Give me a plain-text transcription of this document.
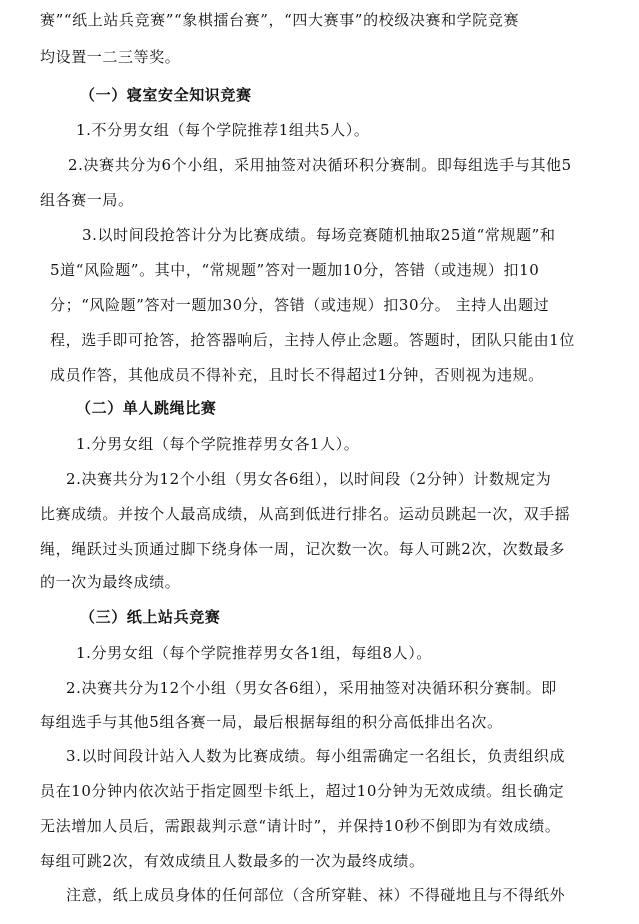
赛”“纸上站兵竞赛”“象棋擂台赛”，“四大赛事”的校级决赛和学院竞赛
均设置一二三等奖。
（一）寝室安全知识竞赛
1.不分男女组（每个学院推荐1组共5人）。
2.决赛共分为6个小组，采用抽签对决循环积分赛制。即每组选手与其他5
组各赛一局。
3.以时间段抢答计分为比赛成绩。每场竞赛随机抽取25道“常规题”和
5道“风险题”。其中，“常规题”答对一题加10分，答错（或违规）扣10
分；“风险题”答对一题加30分，答错（或违规）扣30分。 主持人出题过
程，选手即可抢答，抢答器响后，主持人停止念题。答题时，团队只能由1位
成员作答，其他成员不得补充，且时长不得超过1分钟，否则视为违规。
（二）单人跳绳比赛
1.分男女组（每个学院推荐男女各1人）。
2.决赛共分为12个小组（男女各6组），以时间段（2分钟）计数规定为
比赛成绩。并按个人最高成绩，从高到低进行排名。运动员跳起一次，双手摇
绳，绳跃过头顶通过脚下绕身体一周，记次数一次。每人可跳2次，次数最多
的一次为最终成绩。
（三）纸上站兵竞赛
1.分男女组（每个学院推荐男女各1组，每组8人）。
2.决赛共分为12个小组（男女各6组），采用抽签对决循环积分赛制。即
每组选手与其他5组各赛一局，最后根据每组的积分高低排出名次。
3.以时间段计站入人数为比赛成绩。每小组需确定一名组长，负责组织成
员在10分钟内依次站于指定圆型卡纸上，超过10分钟为无效成绩。组长确定
无法增加人员后，需跟裁判示意“请计时”，并保持10秒不倒即为有效成绩。
每组可跳2次，有效成绩且人数最多的一次为最终成绩。
注意，纸上成员身体的任何部位（含所穿鞋、袜）不得碰地且与不得纸外
